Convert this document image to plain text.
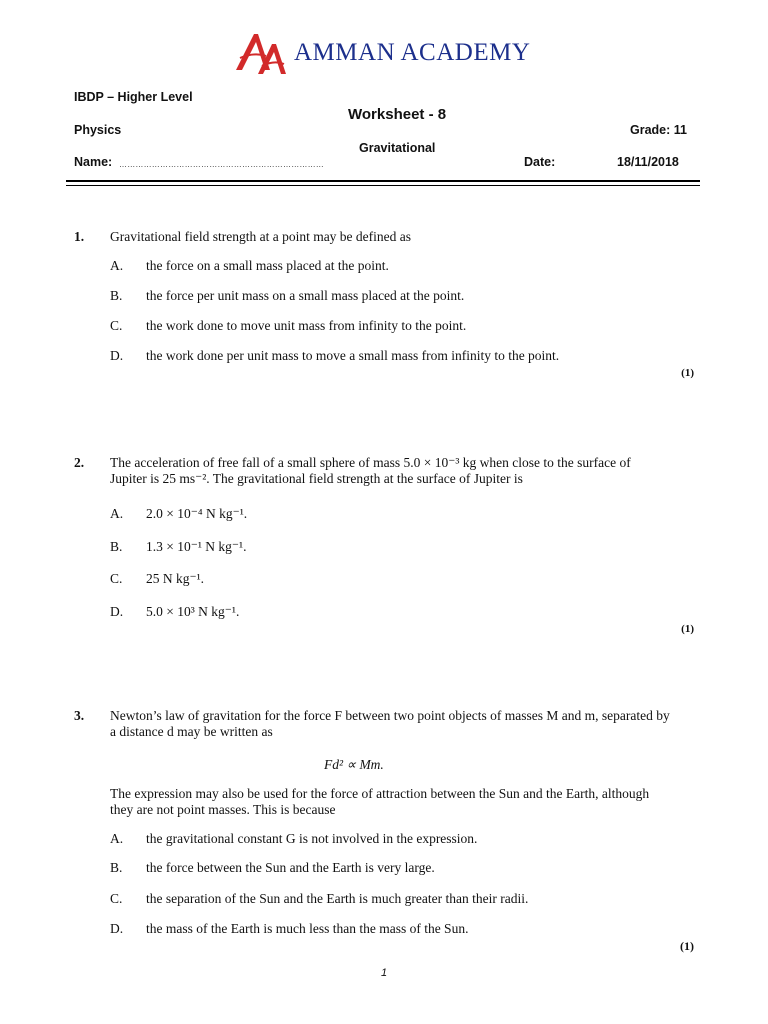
AMMAN ACADEMY
IBDP – Higher Level
Worksheet - 8
Physics	Grade: 11
Gravitational
Name: …………………………………………………………………	Date:	18/11/2018
1. Gravitational field strength at a point may be defined as
A. the force on a small mass placed at the point.
B. the force per unit mass on a small mass placed at the point.
C. the work done to move unit mass from infinity to the point.
D. the work done per unit mass to move a small mass from infinity to the point.
(1)
2. The acceleration of free fall of a small sphere of mass 5.0 × 10⁻³ kg when close to the surface of Jupiter is 25 ms⁻². The gravitational field strength at the surface of Jupiter is
A. 2.0 × 10⁻⁴ N kg⁻¹.
B. 1.3 × 10⁻¹ N kg⁻¹.
C. 25 N kg⁻¹.
D. 5.0 × 10³ N kg⁻¹.
(1)
3. Newton’s law of gravitation for the force F between two point objects of masses M and m, separated by a distance d may be written as
Fd² ∝ Mm.
The expression may also be used for the force of attraction between the Sun and the Earth, although they are not point masses. This is because
A. the gravitational constant G is not involved in the expression.
B. the force between the Sun and the Earth is very large.
C. the separation of the Sun and the Earth is much greater than their radii.
D. the mass of the Earth is much less than the mass of the Sun.
(1)
1
